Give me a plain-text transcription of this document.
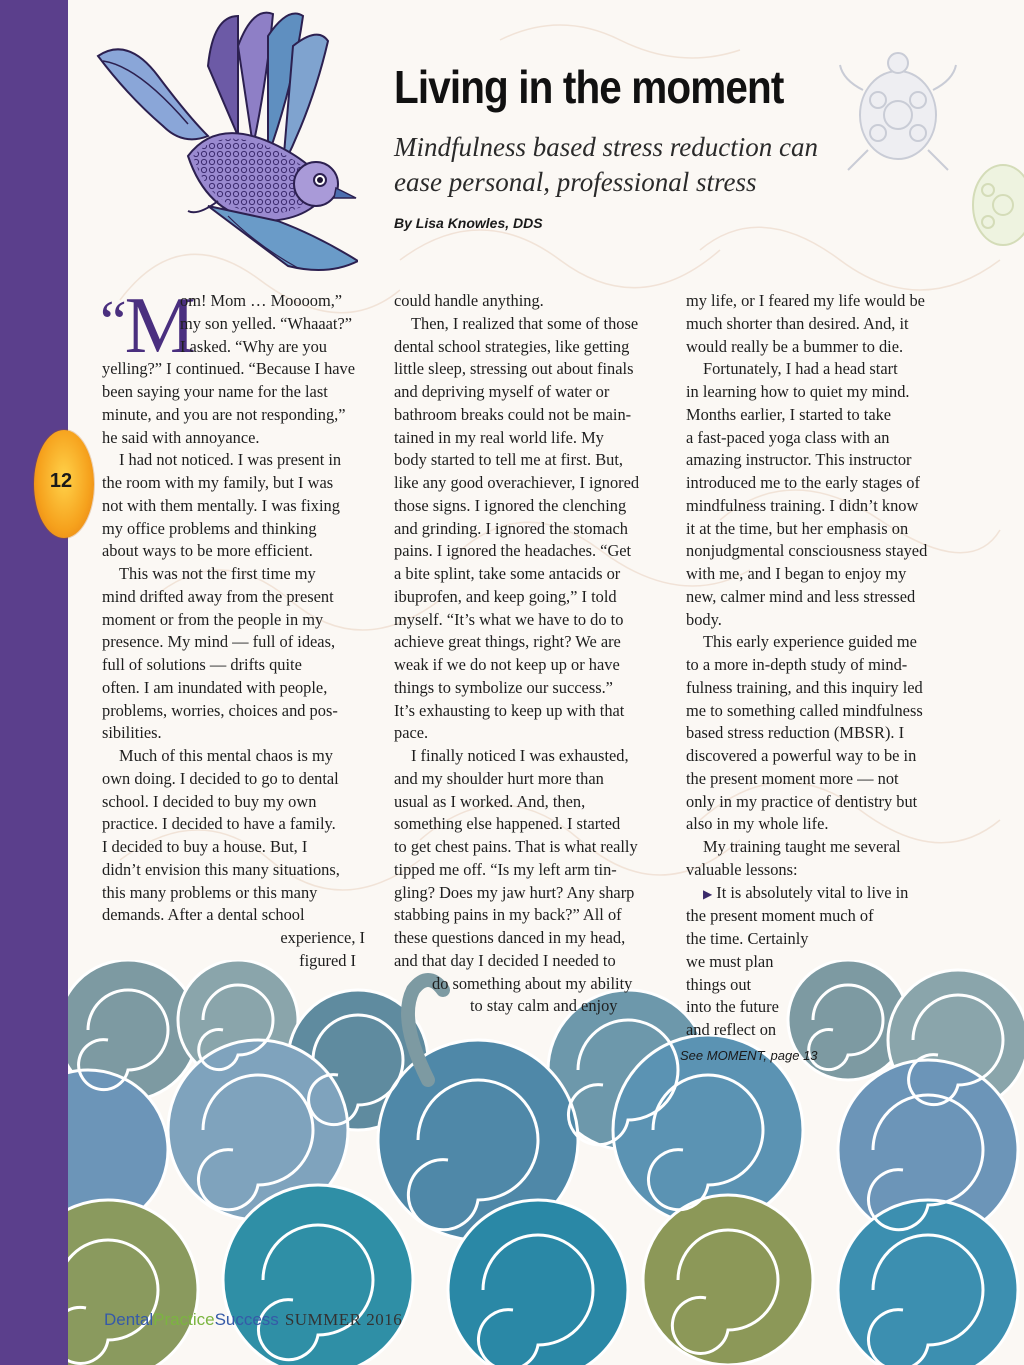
12
Living in the moment

Mindfulness based stress reduction can ease personal, professional stress

By Lisa Knowles, DDS

“M

om! Mom … Moooom,”
my son yelled. “Whaaat?”
I asked. “Why are you
yelling?” I continued. “Because I have
been saying your name for the last
minute, and you are not responding,”
he said with annoyance.

I had not noticed. I was present in
the room with my family, but I was
not with them mentally. I was fixing
my office problems and thinking
about ways to be more efficient.

This was not the first time my
mind drifted away from the present
moment or from the people in my
presence. My mind — full of ideas,
full of solutions — drifts quite
often. I am inundated with people,
problems, worries, choices and pos-
sibilities.

Much of this mental chaos is my
own doing. I decided to go to dental
school. I decided to buy my own
practice. I decided to have a family.
I decided to buy a house. But, I
didn’t envision this many situations,
this many problems or this many
demands. After a dental school
experience, I
figured I

could handle anything.

Then, I realized that some of those
dental school strategies, like getting
little sleep, stressing out about finals
and depriving myself of water or
bathroom breaks could not be main-
tained in my real world life. My
body started to tell me at first. But,
like any good overachiever, I ignored
those signs. I ignored the clenching
and grinding. I ignored the stomach
pains. I ignored the headaches. “Get
a bite splint, take some antacids or
ibuprofen, and keep going,” I told
myself. “It’s what we have to do to
achieve great things, right? We are
weak if we do not keep up or have
things to symbolize our success.”
It’s exhausting to keep up with that
pace.

I finally noticed I was exhausted,
and my shoulder hurt more than
usual as I worked. And, then,
something else happened. I started
to get chest pains. That is what really
tipped me off. “Is my left arm tin-
gling? Does my jaw hurt? Any sharp
stabbing pains in my back?” All of
these questions danced in my head,
and that day I decided I needed to
do something about my ability
to stay calm and enjoy

my life, or I feared my life would be
much shorter than desired. And, it
would really be a bummer to die.

Fortunately, I had a head start
in learning how to quiet my mind.
Months earlier, I started to take
a fast-paced yoga class with an
amazing instructor. This instructor
introduced me to the early stages of
mindfulness training. I didn’t know
it at the time, but her emphasis on
nonjudgmental consciousness stayed
with me, and I began to enjoy my
new, calmer mind and less stressed
body.

This early experience guided me
to a more in-depth study of mind-
fulness training, and this inquiry led
me to something called mindfulness
based stress reduction (MBSR). I
discovered a powerful way to be in
the present moment more — not
only in my practice of dentistry but
also in my whole life.

My training taught me several
valuable lessons:

▶ It is absolutely vital to live in
the present moment much of
the time. Certainly
we must plan
things out
into the future
and reflect on

See MOMENT, page 13

DentalPracticeSuccess SUMMER 2016
